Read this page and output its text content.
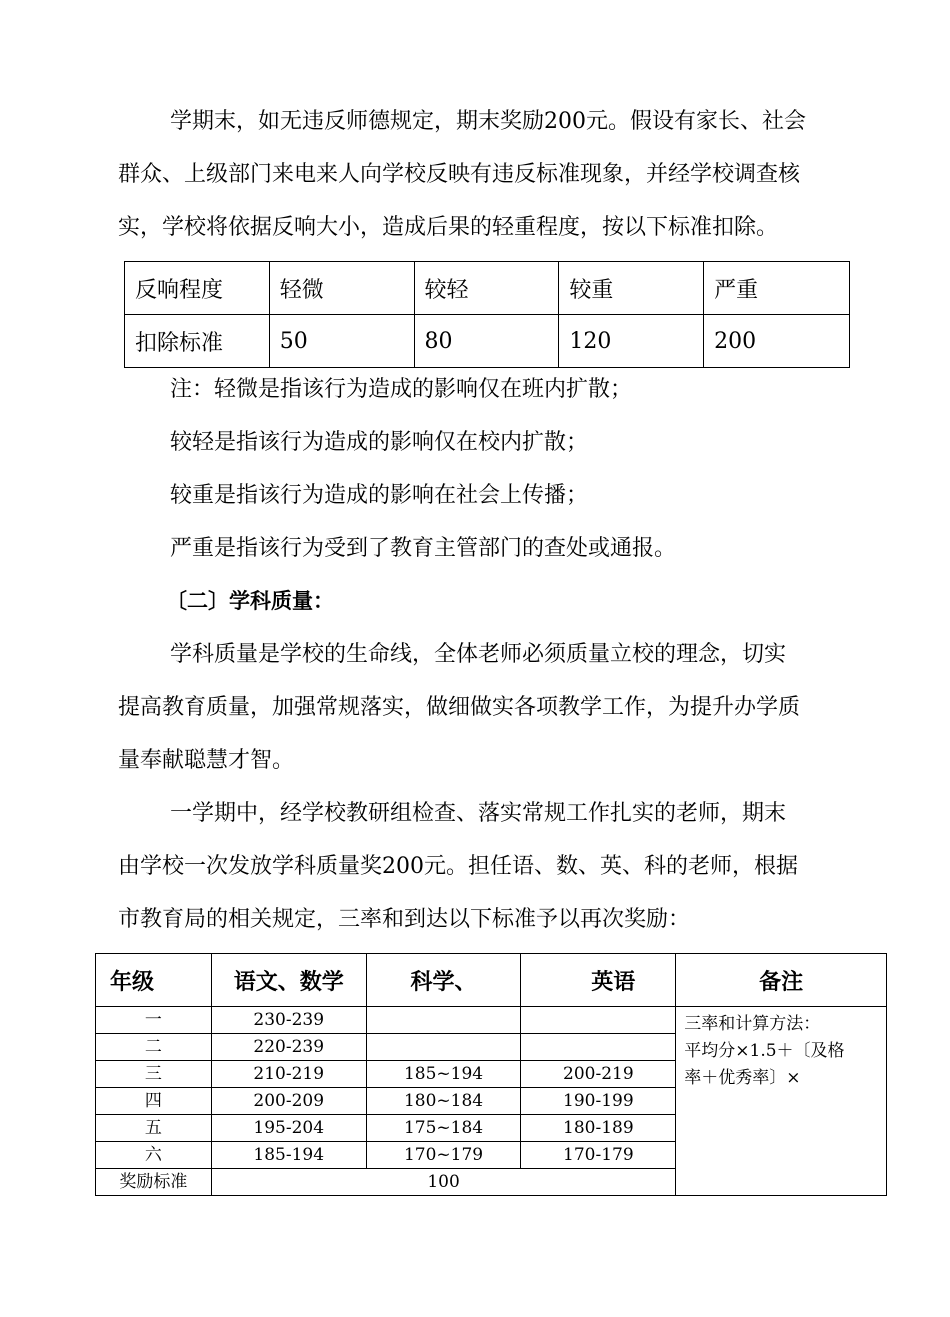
学期末，如无违反师德规定，期末奖励200元。假设有家长、社会

群众、上级部门来电来人向学校反映有违反标准现象，并经学校调查核

实，学校将依据反响大小，造成后果的轻重程度，按以下标准扣除。

反响程度	轻微	较轻	较重	严重
扣除标准	50	80	120	200

注：轻微是指该行为造成的影响仅在班内扩散；

较轻是指该行为造成的影响仅在校内扩散；

较重是指该行为造成的影响在社会上传播；

严重是指该行为受到了教育主管部门的查处或通报。

〔二〕学科质量：

学科质量是学校的生命线，全体老师必须质量立校的理念，切实

提高教育质量，加强常规落实，做细做实各项教学工作，为提升办学质

量奉献聪慧才智。

一学期中，经学校教研组检查、落实常规工作扎实的老师，期末

由学校一次发放学科质量奖200元。担任语、数、英、科的老师，根据

市教育局的相关规定，三率和到达以下标准予以再次奖励：

年级	语文、数学	科学、	英语	备注
一	230-239			三率和计算方法：
平均分×1.5＋〔及格
率＋优秀率〕×

二	220-239			
三	210-219	185~194	200-219	
四	200-209	180~184	190-199	
五	195-204	175~184	180-189	
六	185-194	170~179	170-179	
奖励标准	100			
